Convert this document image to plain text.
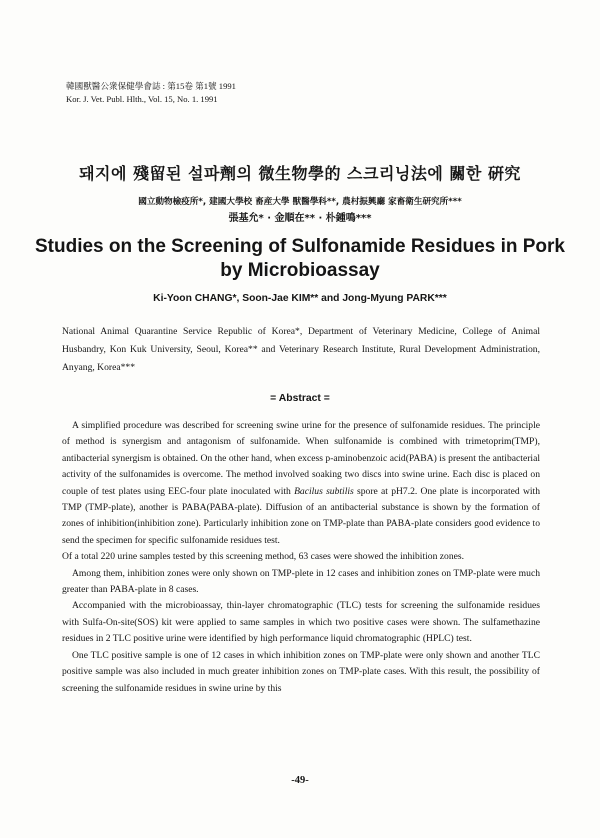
韓國獸醫公衆保健學會誌 : 第15卷 第1號 1991
Kor. J. Vet. Publ. Hlth., Vol. 15, No. 1. 1991
돼지에 殘留된 설파劑의 微生物學的 스크리닝法에 關한 硏究
國立動物檢疫所*, 建國大學校 畜産大學 獸醫學科**, 農村振興廳 家畜衛生研究所***
張基允* · 金順在** · 朴鍾鳴***
Studies on the Screening of Sulfonamide Residues in Pork
by Microbioassay
Ki-Yoon CHANG*, Soon-Jae KIM** and Jong-Myung PARK***
National Animal Quarantine Service Republic of Korea*, Department of Veterinary Medicine, College of Animal Husbandry, Kon Kuk University, Seoul, Korea** and Veterinary Research Institute, Rural Development Administration, Anyang, Korea***
= Abstract =

A simplified procedure was described for screening swine urine for the presence of sulfonamide residues. The principle of method is synergism and antagonism of sulfonamide. When sulfonamide is combined with trimetoprim(TMP), antibacterial synergism is obtained. On the other hand, when excess p-aminobenzoic acid(PABA) is present the antibacterial activity of the sulfonamides is overcome. The method involved soaking two discs into swine urine. Each disc is placed on couple of test plates using EEC-four plate inoculated with Bacilus subtilis spore at pH7.2. One plate is incorporated with TMP (TMP-plate), another is PABA(PABA-plate). Diffusion of an antibacterial substance is shown by the formation of zones of inhibition(inhibition zone). Particularly inhibition zone on TMP-plate than PABA-plate considers good evidence to send the specimen for specific sulfonamide residues test.

Of a total 220 urine samples tested by this screening method, 63 cases were showed the inhibition zones.

Among them, inhibition zones were only shown on TMP-plete in 12 cases and inhibition zones on TMP-plate were much greater than PABA-plate in 8 cases.

Accompanied with the microbioassay, thin-layer chromatographic (TLC) tests for screening the sulfonamide residues with Sulfa-On-site(SOS) kit were applied to same samples in which two positive cases were shown. The sulfamethazine residues in 2 TLC positive urine were identified by high performance liquid chromatographic (HPLC) test.

One TLC positive sample is one of 12 cases in which inhibition zones on TMP-plate were only shown and another TLC positive sample was also included in much greater inhibition zones on TMP-plate cases. With this result, the possibility of screening the sulfonamide residues in swine urine by this

-49-
